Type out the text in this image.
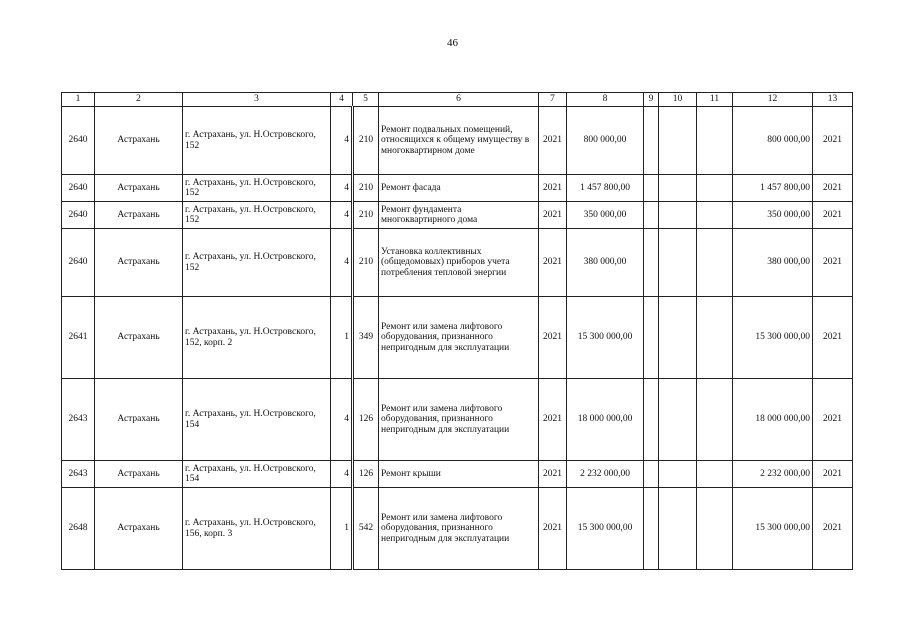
46
1	2	3	4	5	6	7	8	9	10	11	12	13
2640	Астрахань	г. Астрахань, ул. Н.Островского, 152	4	210	Ремонт подвальных помещений, относящихся к общему имуществу в многоквартирном доме	2021	800 000,00				800 000,00	2021
2640	Астрахань	г. Астрахань, ул. Н.Островского, 152	4	210	Ремонт фасада	2021	1 457 800,00				1 457 800,00	2021
2640	Астрахань	г. Астрахань, ул. Н.Островского, 152	4	210	Ремонт фундамента многоквартирного дома	2021	350 000,00				350 000,00	2021
2640	Астрахань	г. Астрахань, ул. Н.Островского, 152	4	210	Установка коллективных (общедомовых) приборов учета потребления тепловой энергии	2021	380 000,00				380 000,00	2021
2641	Астрахань	г. Астрахань, ул. Н.Островского, 152, корп. 2	1	349	Ремонт или замена лифтового оборудования, признанного непригодным для эксплуатации	2021	15 300 000,00				15 300 000,00	2021
2643	Астрахань	г. Астрахань, ул. Н.Островского, 154	4	126	Ремонт или замена лифтового оборудования, признанного непригодным для эксплуатации	2021	18 000 000,00				18 000 000,00	2021
2643	Астрахань	г. Астрахань, ул. Н.Островского, 154	4	126	Ремонт крыши	2021	2 232 000,00				2 232 000,00	2021
2648	Астрахань	г. Астрахань, ул. Н.Островского, 156, корп. 3	1	542	Ремонт или замена лифтового оборудования, признанного непригодным для эксплуатации	2021	15 300 000,00				15 300 000,00	2021
